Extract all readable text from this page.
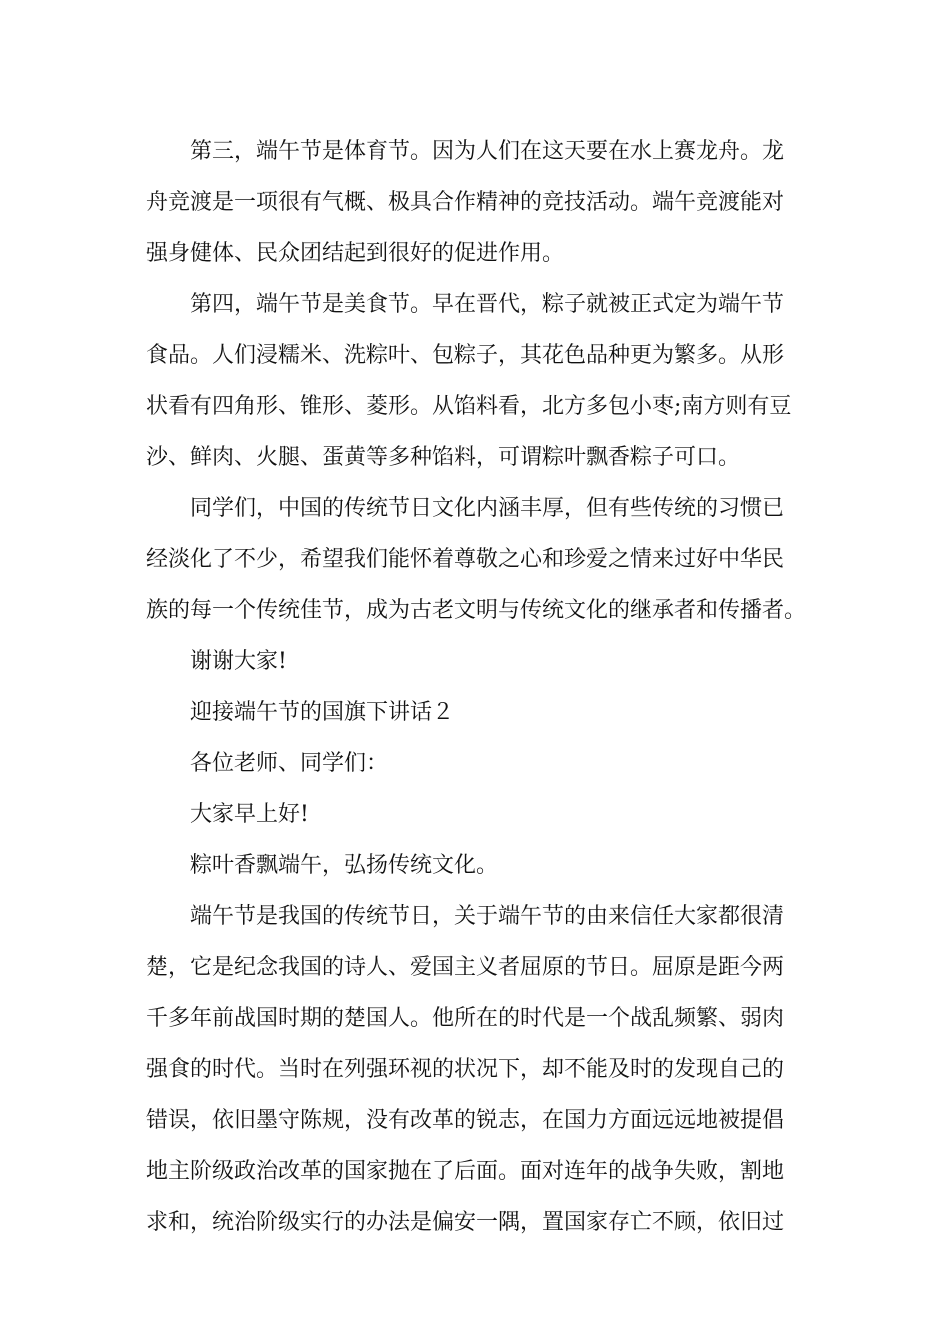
第三，端午节是体育节。因为人们在这天要在水上赛龙舟。龙
舟竞渡是一项很有气概、极具合作精神的竞技活动。端午竞渡能对
强身健体、民众团结起到很好的促进作用。

第四，端午节是美食节。早在晋代，粽子就被正式定为端午节
食品。人们浸糯米、洗粽叶、包粽子，其花色品种更为繁多。从形
状看有四角形、锥形、菱形。从馅料看，北方多包小枣;南方则有豆
沙、鲜肉、火腿、蛋黄等多种馅料，可谓粽叶飘香粽子可口。

同学们，中国的传统节日文化内涵丰厚，但有些传统的习惯已
经淡化了不少，希望我们能怀着尊敬之心和珍爱之情来过好中华民
族的每一个传统佳节，成为古老文明与传统文化的继承者和传播者。

谢谢大家!

迎接端午节的国旗下讲话２

各位老师、同学们：

大家早上好!

粽叶香飘端午，弘扬传统文化。

端午节是我国的传统节日，关于端午节的由来信任大家都很清
楚，它是纪念我国的诗人、爱国主义者屈原的节日。屈原是距今两
千多年前战国时期的楚国人。他所在的时代是一个战乱频繁、弱肉
强食的时代。当时在列强环视的状况下，却不能及时的发现自己的
错误，依旧墨守陈规，没有改革的锐志，在国力方面远远地被提倡
地主阶级政治改革的国家抛在了后面。面对连年的战争失败，割地
求和，统治阶级实行的办法是偏安一隅，置国家存亡不顾，依旧过
